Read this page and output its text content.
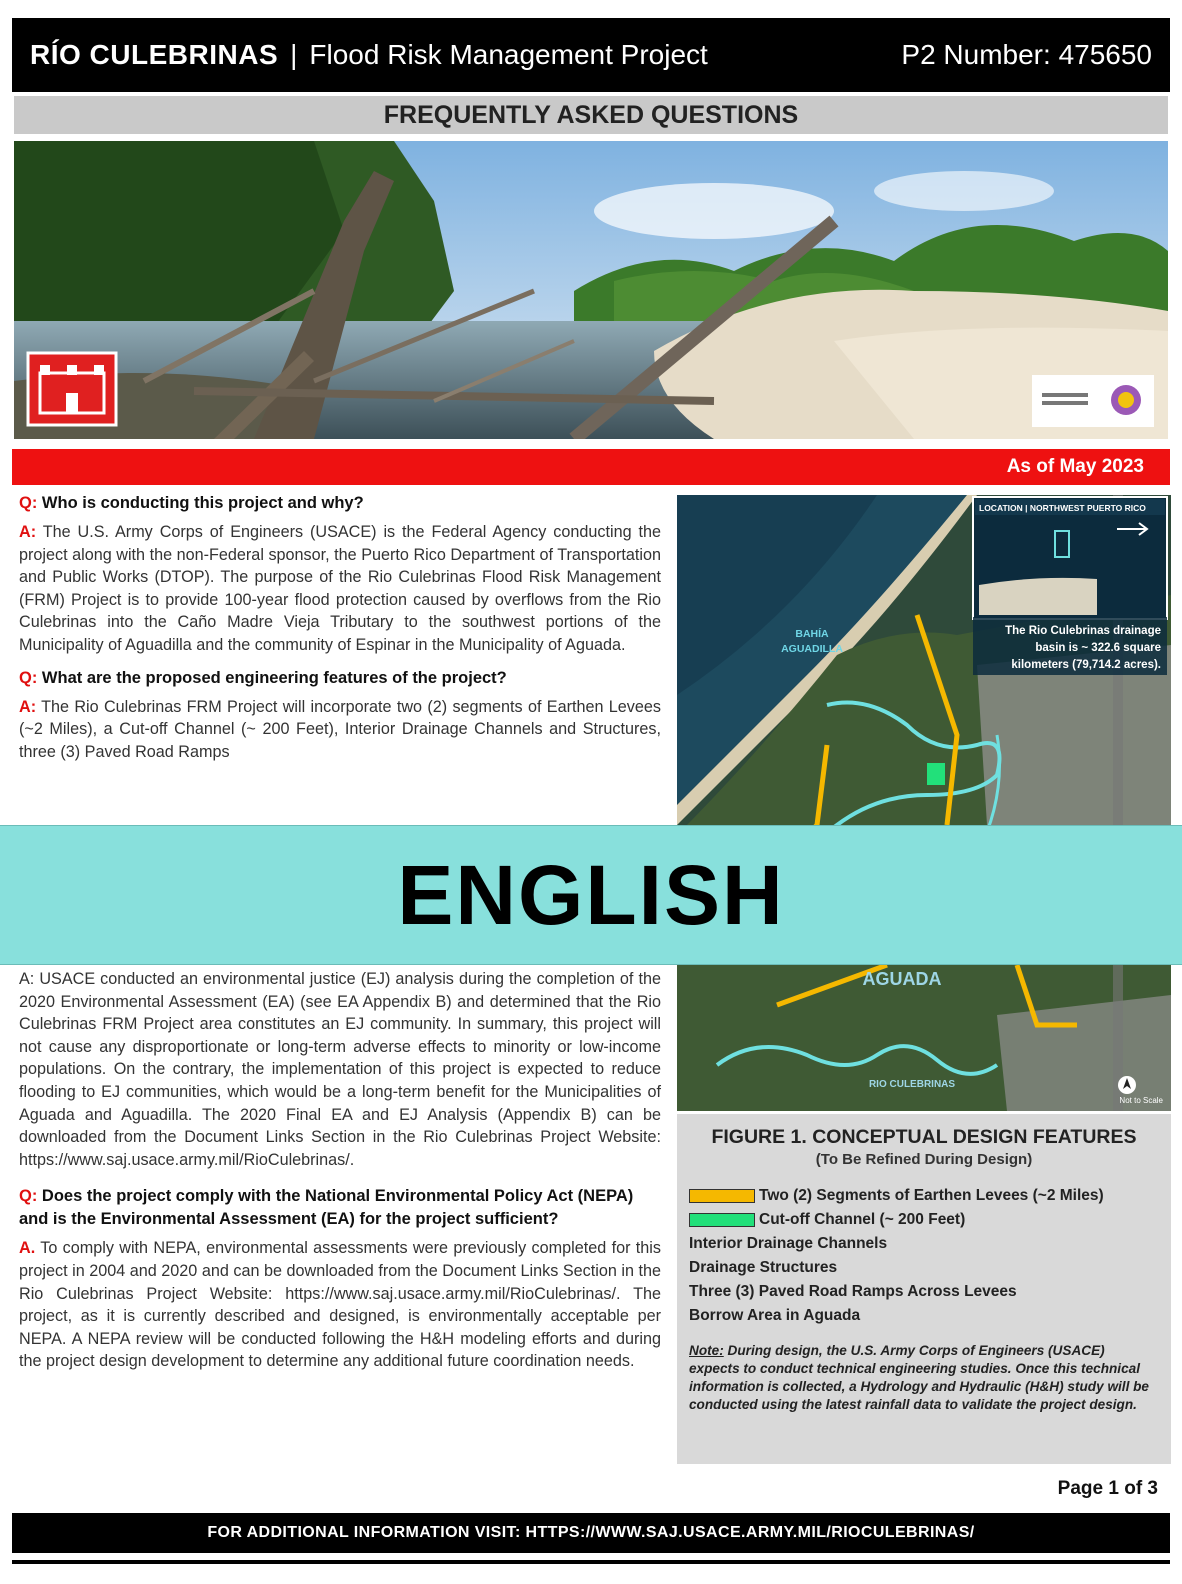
RÍO CULEBRINAS | Flood Risk Management Project	P2 Number: 475650
FREQUENTLY ASKED QUESTIONS
As of May 2023
Q: Who is conducting this project and why?
A: The U.S. Army Corps of Engineers (USACE) is the Federal Agency conducting the project along with the non-Federal sponsor, the Puerto Rico Department of Transportation and Public Works (DTOP). The purpose of the Rio Culebrinas Flood Risk Management (FRM) Project is to provide 100-year flood protection caused by overflows from the Rio Culebrinas into the Caño Madre Vieja Tributary to the southwest portions of the Municipality of Aguadilla and the community of Espinar in the Municipality of Aguada.
Q: What are the proposed engineering features of the project?
A: The Rio Culebrinas FRM Project will incorporate two (2) segments of Earthen Levees (~2 Miles), a Cut-off Channel (~ 200 Feet), Interior Drainage Channels and Structures, three (3) Paved Road Ramps
A: USACE conducted an environmental justice (EJ) analysis during the completion of the 2020 Environmental Assessment (EA) (see EA Appendix B) and determined that the Rio Culebrinas FRM Project area constitutes an EJ community. In summary, this project will not cause any disproportionate or long-term adverse effects to minority or low-income populations. On the contrary, the implementation of this project is expected to reduce flooding to EJ communities, which would be a long-term benefit for the Municipalities of Aguada and Aguadilla. The 2020 Final EA and EJ Analysis (Appendix B) can be downloaded from the Document Links Section in the Rio Culebrinas Project Website: https://www.saj.usace.army.mil/RioCulebrinas/.
Q: Does the project comply with the National Environmental Policy Act (NEPA) and is the Environmental Assessment (EA) for the project sufficient?
A. To comply with NEPA, environmental assessments were previously completed for this project in 2004 and 2020 and can be downloaded from the Document Links Section in the Rio Culebrinas Project Website: https://www.saj.usace.army.mil/RioCulebrinas/. The project, as it is currently described and designed, is environmentally acceptable per NEPA. A NEPA review will be conducted following the H&H modeling efforts and during the project design development to determine any additional future coordination needs.
LOCATION | NORTHWEST PUERTO RICO
The Rio Culebrinas drainage
basin is ~ 322.6 square
kilometers (79,714.2 acres).
BAHÍA
AGUADILLA
AGUADA
RIO CULEBRINAS
Not to Scale
FIGURE 1. CONCEPTUAL DESIGN FEATURES
(To Be Refined During Design)
Two (2) Segments of Earthen Levees (~2 Miles)
Cut-off Channel (~ 200 Feet)
Interior Drainage Channels
Drainage Structures
Three (3) Paved Road Ramps Across Levees
Borrow Area in Aguada
Note: During design, the U.S. Army Corps of Engineers (USACE) expects to conduct technical engineering studies. Once this technical information is collected, a Hydrology and Hydraulic (H&H) study will be conducted using the latest rainfall data to validate the project design.
Page 1 of 3
FOR ADDITIONAL INFORMATION VISIT: HTTPS://WWW.SAJ.USACE.ARMY.MIL/RIOCULEBRINAS/
ENGLISH
